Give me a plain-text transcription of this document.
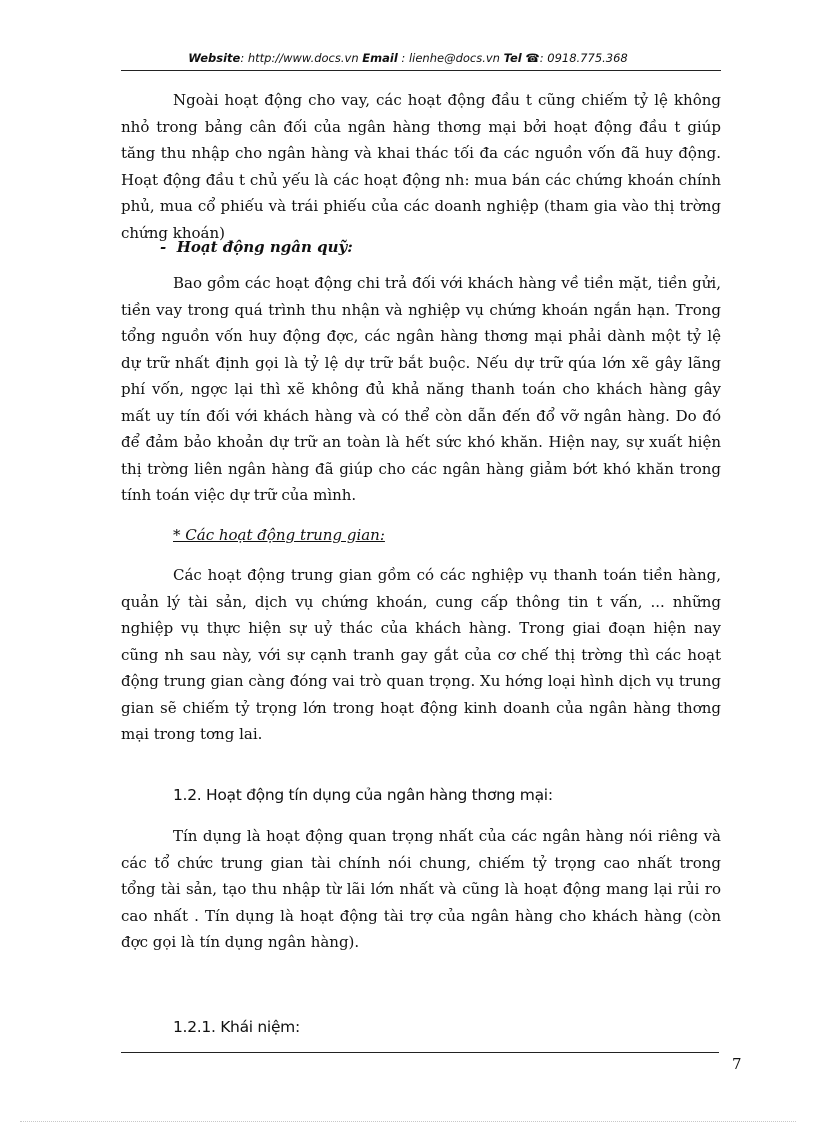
Website: http://www.docs.vn Email : lienhe@docs.vn Tel ☎: 0918.775.368

Ngoài hoạt động cho vay, các hoạt động đầu t cũng chiếm tỷ lệ không nhỏ trong bảng cân đối của ngân hàng thơng mại bởi hoạt động đầu t giúp tăng thu nhập cho ngân hàng và khai thác tối đa các nguồn vốn đã huy động. Hoạt động đầu t chủ yếu là các hoạt động nh: mua bán các chứng khoán chính phủ, mua cổ phiếu và trái phiếu của các doanh nghiệp (tham gia vào thị trờng chứng khoán)

- Hoạt động ngân quỹ:

Bao gồm các hoạt động chi trả đối với khách hàng về tiền mặt, tiền gửi, tiền vay trong quá trình thu nhận và nghiệp vụ chứng khoán ngắn hạn. Trong tổng nguồn vốn huy động đợc, các ngân hàng thơng mại phải dành một tỷ lệ dự trữ nhất định gọi là tỷ lệ dự trữ bắt buộc. Nếu dự trữ qúa lớn xẽ gây lãng phí vốn, ngợc lại thì xẽ không đủ khả năng thanh toán cho khách hàng gây mất uy tín đối với khách hàng và có thể còn dẫn đến đổ vỡ ngân hàng. Do đó để đảm bảo khoản dự trữ an toàn là hết sức khó khăn. Hiện nay, sự xuất hiện thị trờng liên ngân hàng đã giúp cho các ngân hàng giảm bớt khó khăn trong tính toán việc dự trữ của mình.

* Các hoạt động trung gian:

Các hoạt động trung gian gồm có các nghiệp vụ thanh toán tiền hàng, quản lý tài sản, dịch vụ chứng khoán, cung cấp thông tin t vấn, ... những nghiệp vụ thực hiện sự uỷ thác của khách hàng. Trong giai đoạn hiện nay cũng nh sau này, với sự cạnh tranh gay gắt của cơ chế thị trờng thì các hoạt động trung gian càng đóng vai trò quan trọng. Xu hớng loại hình dịch vụ trung gian sẽ chiếm tỷ trọng lớn trong hoạt động kinh doanh của ngân hàng thơng mại trong tơng lai.

1.2. Hoạt động tín dụng của ngân hàng thơng mại:

Tín dụng là hoạt động quan trọng nhất của các ngân hàng nói riêng và các tổ chức trung gian tài chính nói chung, chiếm tỷ trọng cao nhất trong tổng tài sản, tạo thu nhập từ lãi lớn nhất và cũng là hoạt động mang lại rủi ro cao nhất . Tín dụng là hoạt động tài trợ của ngân hàng cho khách hàng (còn đợc gọi là tín dụng ngân hàng).

1.2.1. Khái niệm:

7
